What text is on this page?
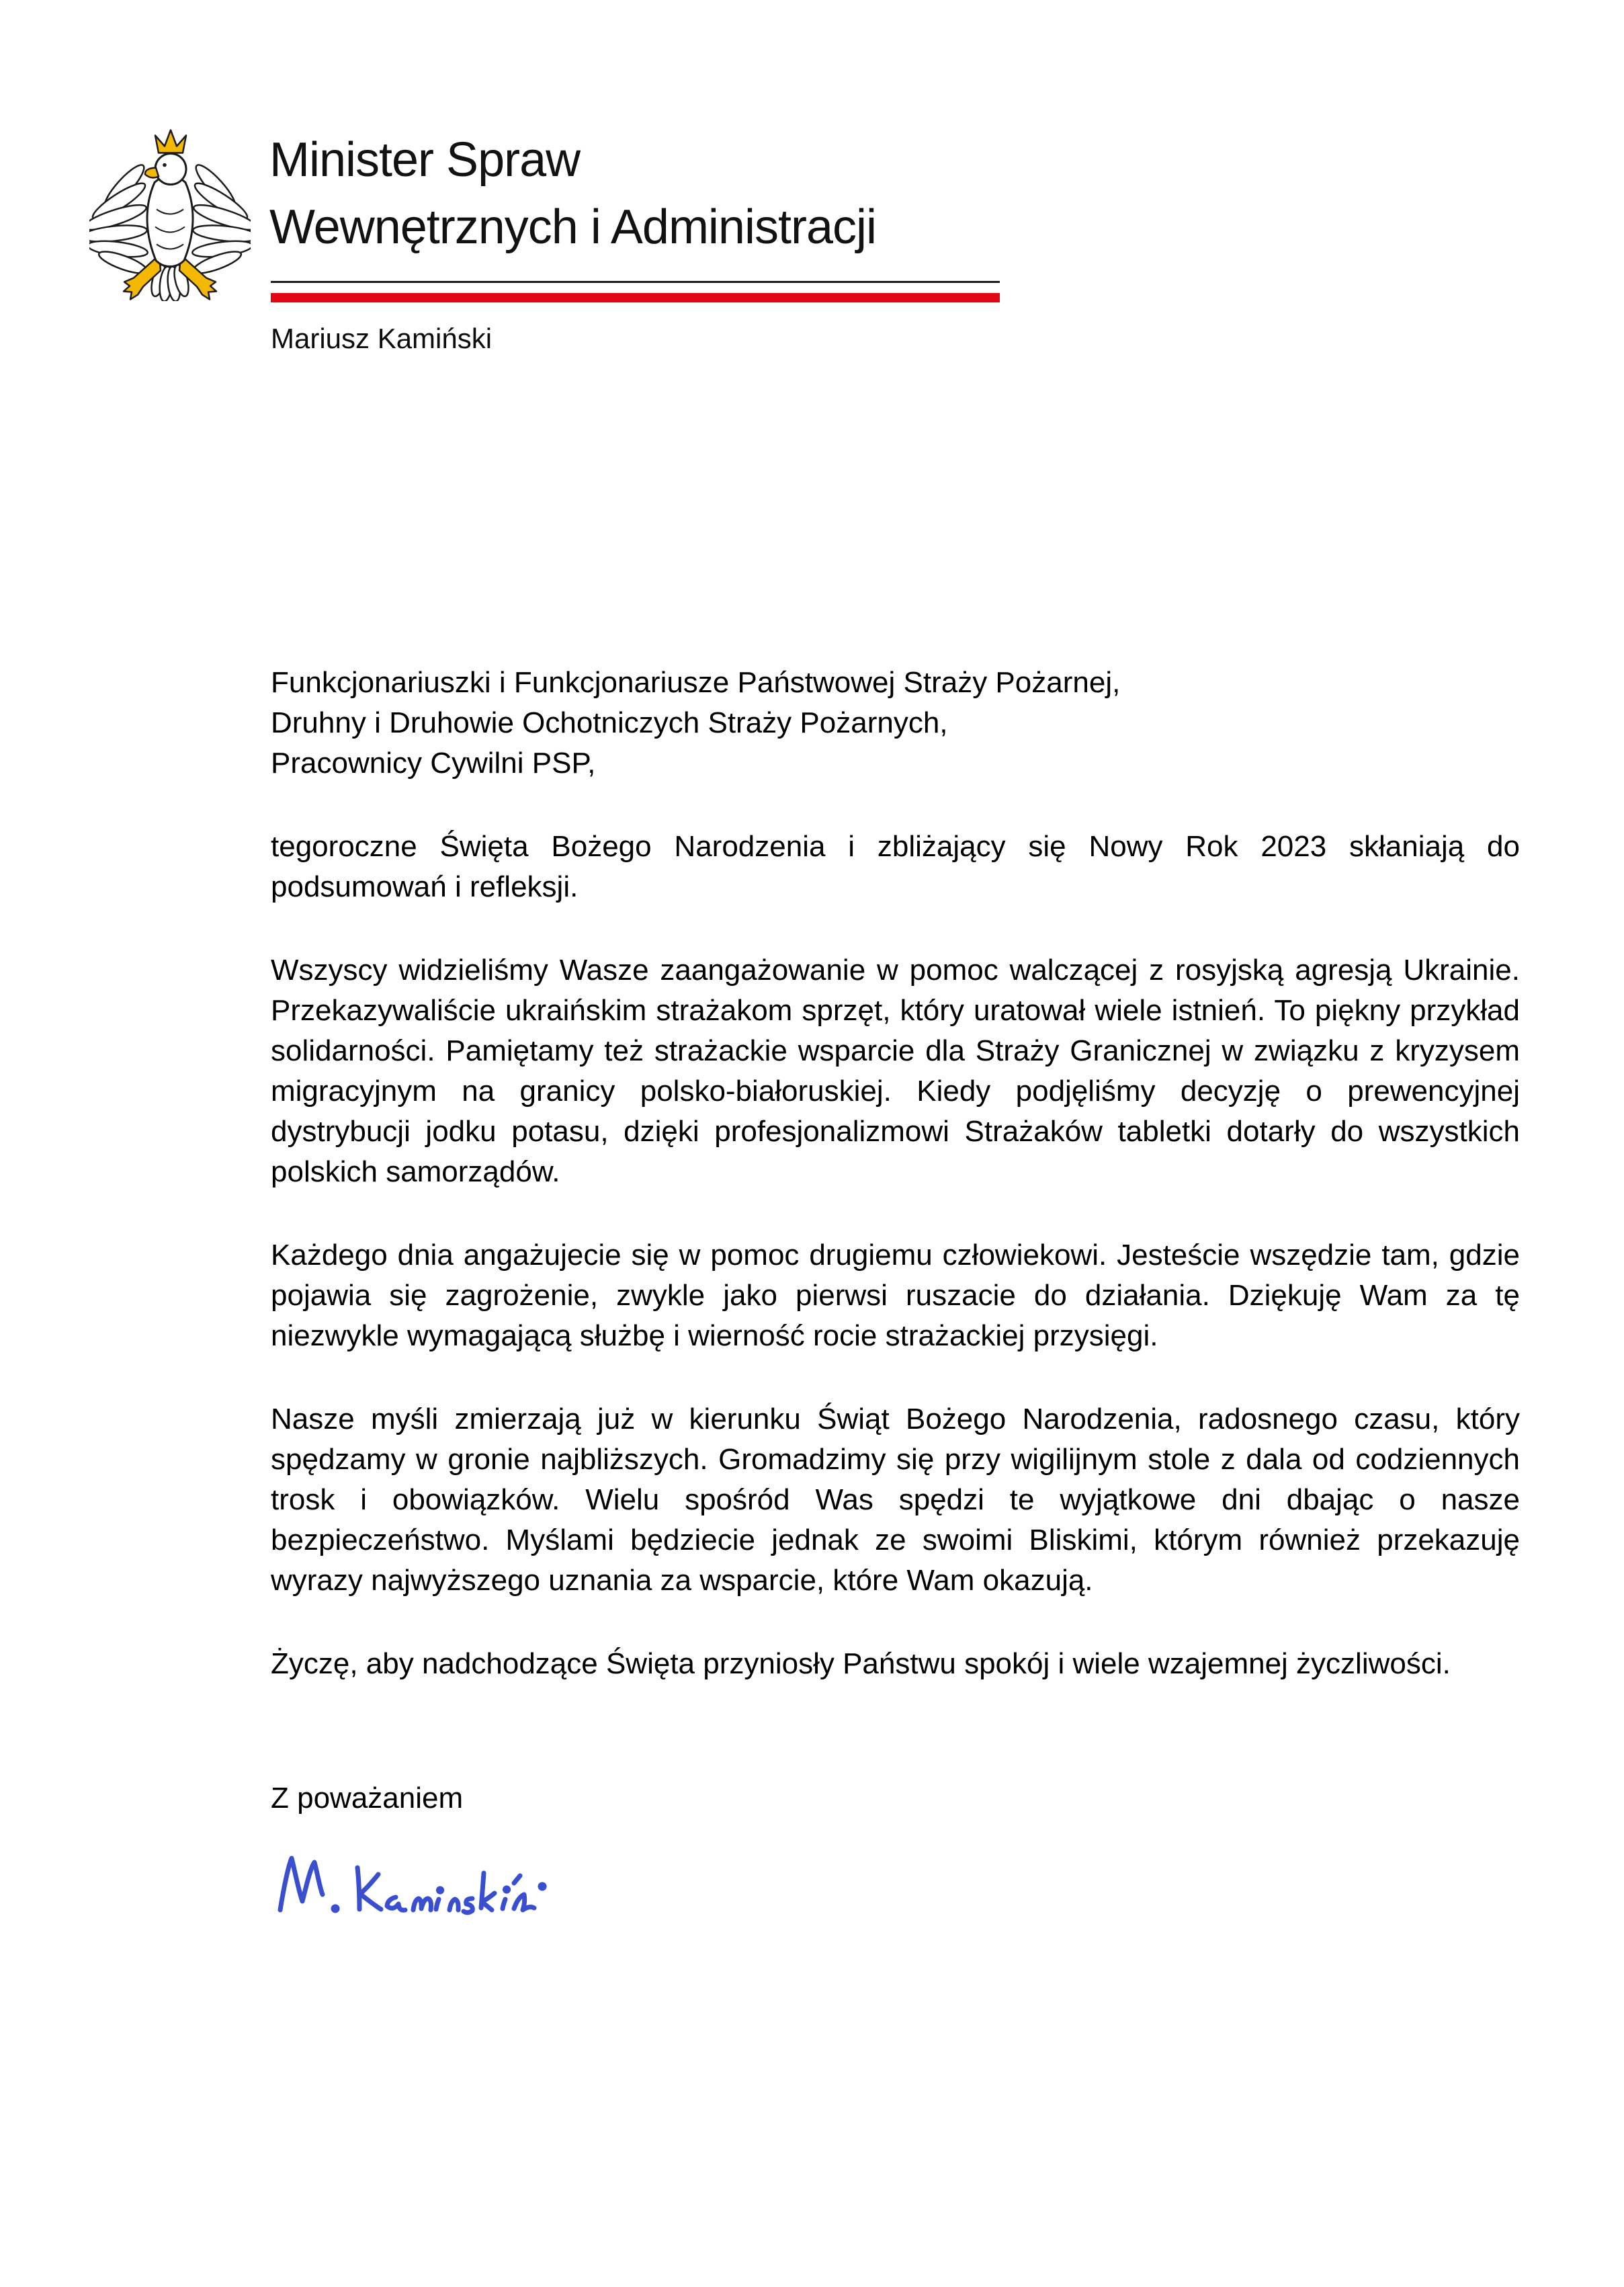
Minister Spraw
Wewnętrznych i Administracji
Mariusz Kamiński

Funkcjonariuszki i Funkcjonariusze Państwowej Straży Pożarnej,
Druhny i Druhowie Ochotniczych Straży Pożarnych,
Pracownicy Cywilni PSP,

tegoroczne Święta Bożego Narodzenia i zbliżający się Nowy Rok 2023 skłaniają do podsumowań i refleksji.

Wszyscy widzieliśmy Wasze zaangażowanie w pomoc walczącej z rosyjską agresją Ukrainie. Przekazywaliście ukraińskim strażakom sprzęt, który uratował wiele istnień. To piękny przykład solidarności. Pamiętamy też strażackie wsparcie dla Straży Granicznej w związku z kryzysem migracyjnym na granicy polsko-białoruskiej. Kiedy podjęliśmy decyzję o prewencyjnej dystrybucji jodku potasu, dzięki profesjonalizmowi Strażaków tabletki dotarły do wszystkich polskich samorządów.

Każdego dnia angażujecie się w pomoc drugiemu człowiekowi. Jesteście wszędzie tam, gdzie pojawia się zagrożenie, zwykle jako pierwsi ruszacie do działania. Dziękuję Wam za tę niezwykle wymagającą służbę i wierność rocie strażackiej przysięgi.

Nasze myśli zmierzają już w kierunku Świąt Bożego Narodzenia, radosnego czasu, który spędzamy w gronie najbliższych. Gromadzimy się przy wigilijnym stole z dala od codziennych trosk i obowiązków. Wielu spośród Was spędzi te wyjątkowe dni dbając o nasze bezpieczeństwo. Myślami będziecie jednak ze swoimi Bliskimi, którym również przekazuję wyrazy najwyższego uznania za wsparcie, które Wam okazują.

Życzę, aby nadchodzące Święta przyniosły Państwu spokój i wiele wzajemnej życzliwości.

Z poważaniem
